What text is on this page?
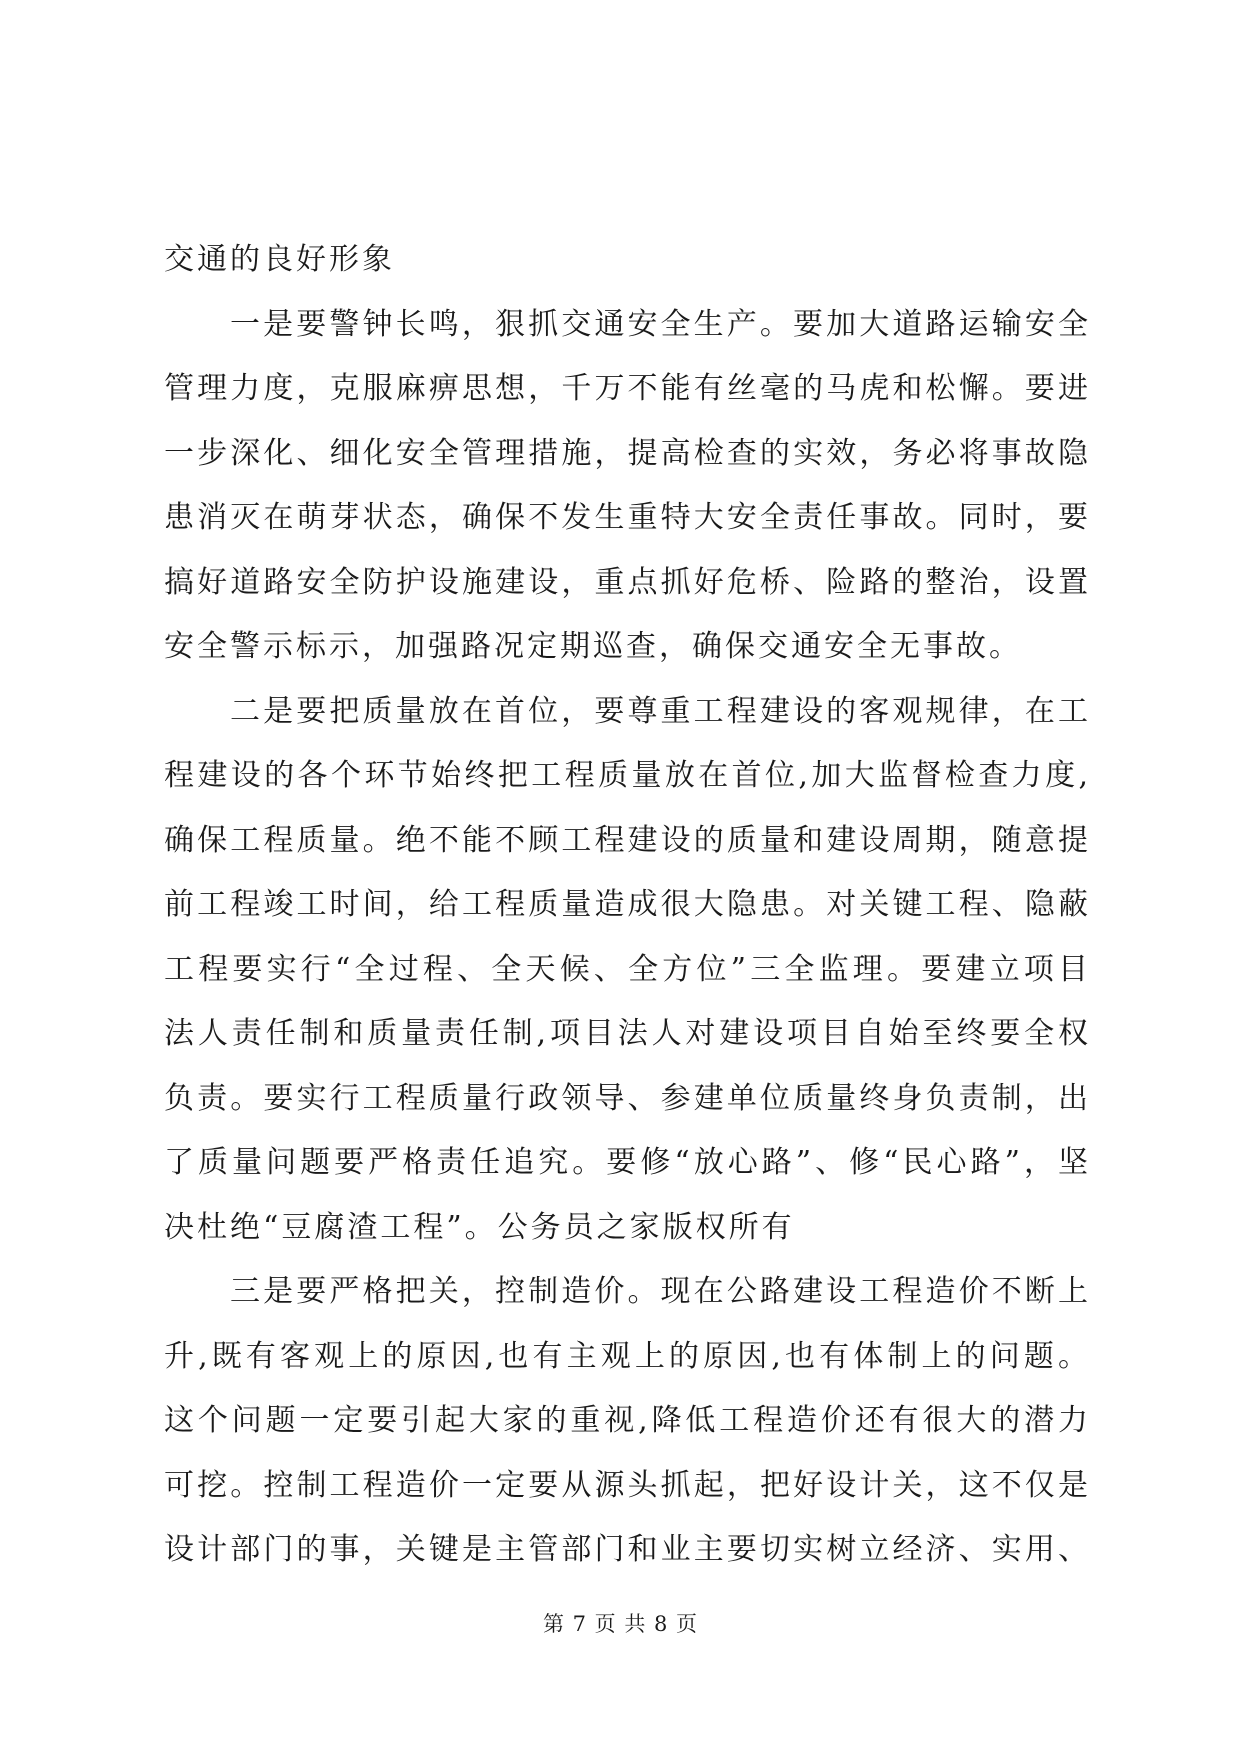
交通的良好形象
一是要警钟长鸣，狠抓交通安全生产。要加大道路运输安全
管理力度，克服麻痹思想，千万不能有丝毫的马虎和松懈。要进
一步深化、细化安全管理措施，提高检查的实效，务必将事故隐
患消灭在萌芽状态，确保不发生重特大安全责任事故。同时，要
搞好道路安全防护设施建设，重点抓好危桥、险路的整治，设置
安全警示标示，加强路况定期巡查，确保交通安全无事故。
二是要把质量放在首位，要尊重工程建设的客观规律，在工
程建设的各个环节始终把工程质量放在首位,加大监督检查力度,
确保工程质量。绝不能不顾工程建设的质量和建设周期，随意提
前工程竣工时间，给工程质量造成很大隐患。对关键工程、隐蔽
工程要实行“全过程、全天候、全方位”三全监理。要建立项目
法人责任制和质量责任制,项目法人对建设项目自始至终要全权
负责。要实行工程质量行政领导、参建单位质量终身负责制，出
了质量问题要严格责任追究。要修“放心路”、修“民心路”，坚
决杜绝“豆腐渣工程”。公务员之家版权所有
三是要严格把关，控制造价。现在公路建设工程造价不断上
升,既有客观上的原因,也有主观上的原因,也有体制上的问题。
这个问题一定要引起大家的重视,降低工程造价还有很大的潜力
可挖。控制工程造价一定要从源头抓起，把好设计关，这不仅是
设计部门的事，关键是主管部门和业主要切实树立经济、实用、
第 7 页 共 8 页
